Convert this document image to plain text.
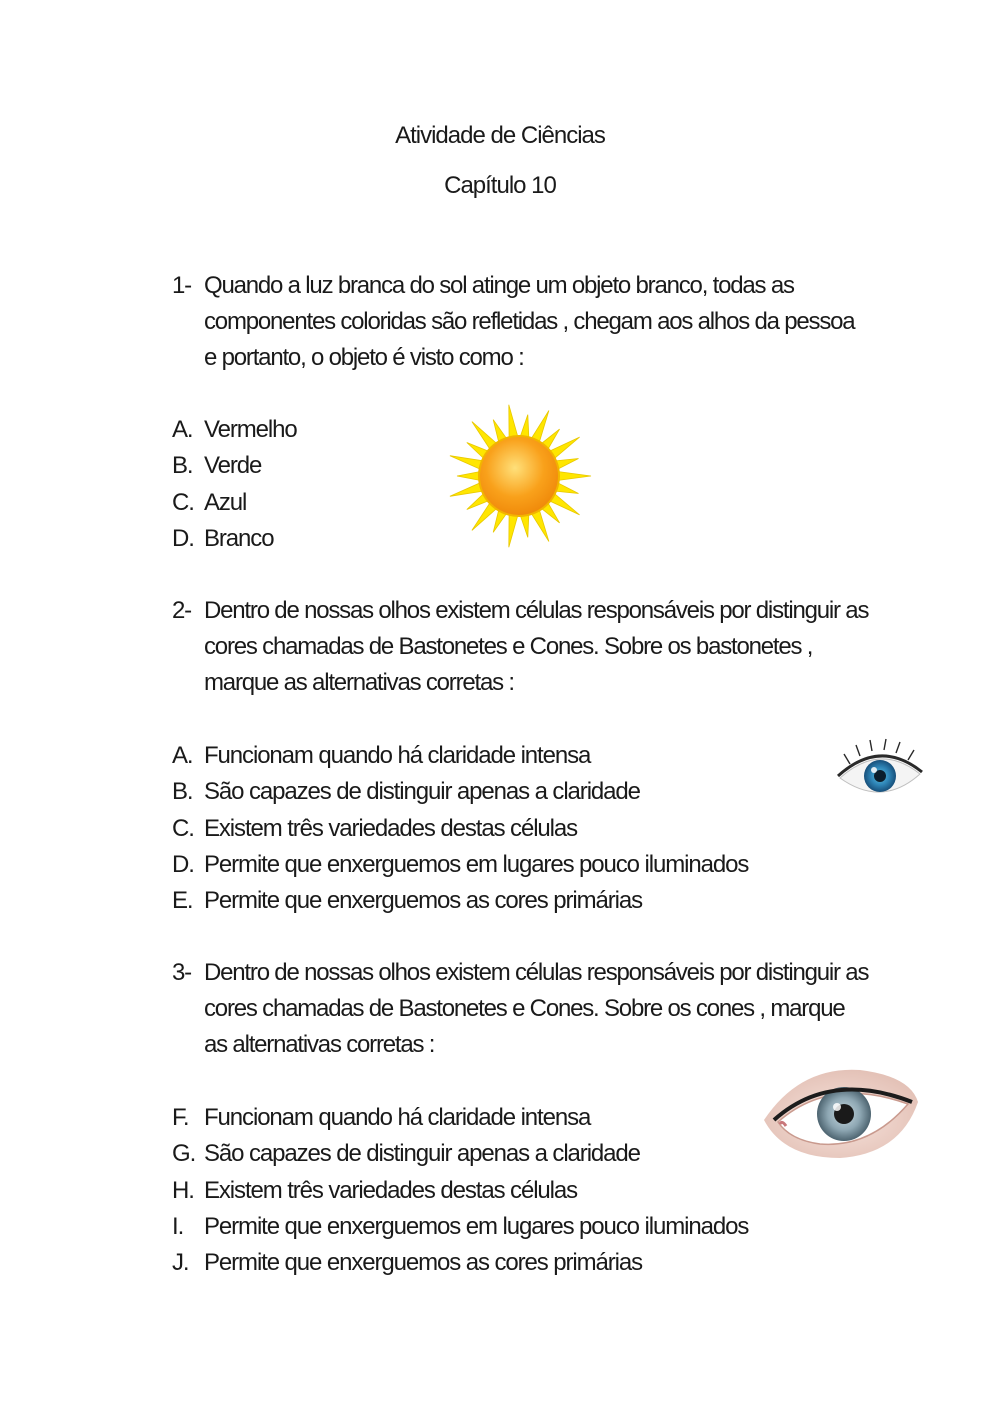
Atividade de Ciências
Capítulo 10
1- Quando a luz branca do sol atinge um objeto branco, todas as componentes coloridas são refletidas , chegam aos alhos da pessoa e portanto, o objeto é visto como :
A. Vermelho
B. Verde
C. Azul
D. Branco
2- Dentro de nossas olhos existem células responsáveis por distinguir as cores chamadas de Bastonetes e Cones. Sobre os bastonetes , marque as alternativas corretas :
A. Funcionam quando há claridade intensa
B. São capazes de distinguir apenas a claridade
C. Existem três variedades destas células
D. Permite que enxerguemos em lugares pouco iluminados
E. Permite que enxerguemos as cores primárias
3- Dentro de nossas olhos existem células responsáveis por distinguir as cores chamadas de Bastonetes e Cones. Sobre os cones , marque as alternativas corretas :
F. Funcionam quando há claridade intensa
G. São capazes de distinguir apenas a claridade
H. Existem três variedades destas células
I. Permite que enxerguemos em lugares pouco iluminados
J. Permite que enxerguemos as cores primárias
